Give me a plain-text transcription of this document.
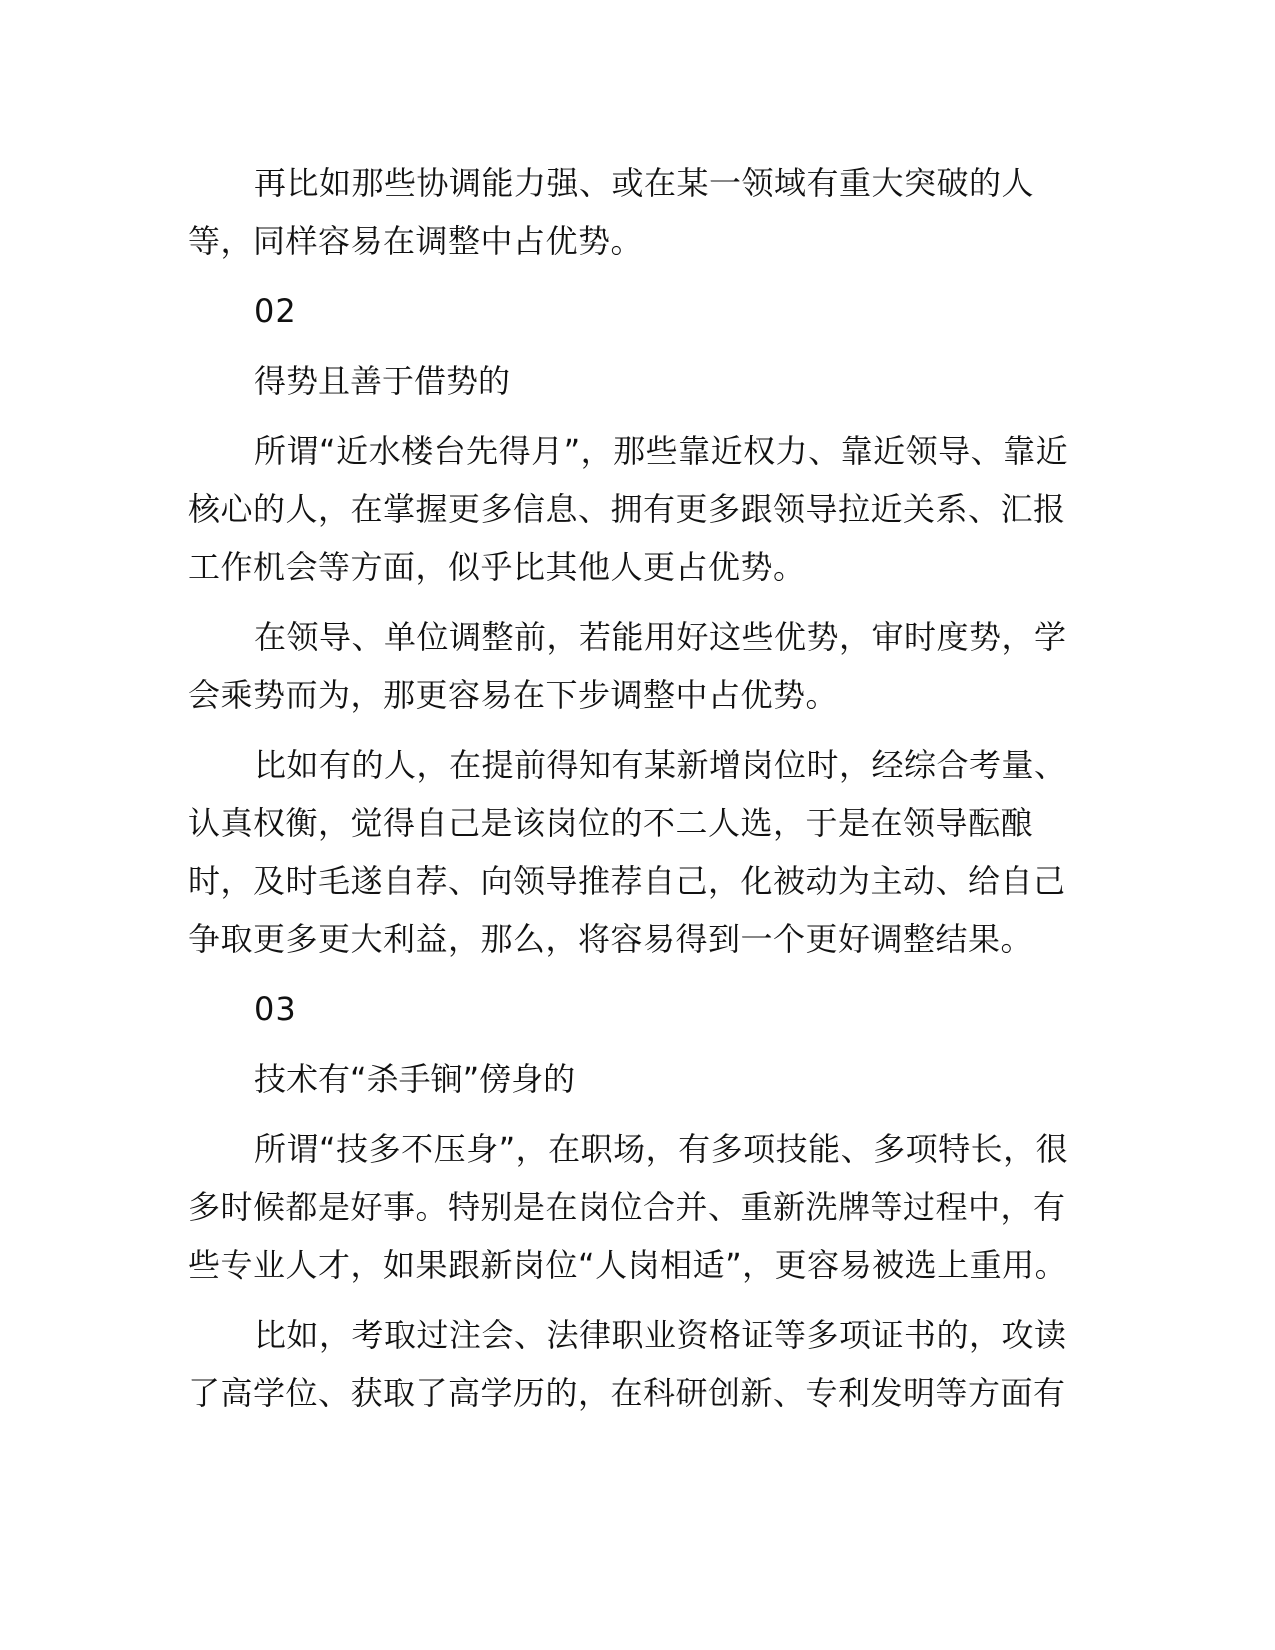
再比如那些协调能力强、或在某一领域有重大突破的人等，同样容易在调整中占优势。

02

得势且善于借势的

所谓“近水楼台先得月”，那些靠近权力、靠近领导、靠近核心的人，在掌握更多信息、拥有更多跟领导拉近关系、汇报工作机会等方面，似乎比其他人更占优势。

在领导、单位调整前，若能用好这些优势，审时度势，学会乘势而为，那更容易在下步调整中占优势。

比如有的人，在提前得知有某新增岗位时，经综合考量、认真权衡，觉得自己是该岗位的不二人选，于是在领导酝酿时，及时毛遂自荐、向领导推荐自己，化被动为主动、给自己争取更多更大利益，那么，将容易得到一个更好调整结果。

03

技术有“杀手锏”傍身的

所谓“技多不压身”，在职场，有多项技能、多项特长，很多时候都是好事。特别是在岗位合并、重新洗牌等过程中，有些专业人才，如果跟新岗位“人岗相适”，更容易被选上重用。

比如，考取过注会、法律职业资格证等多项证书的，攻读了高学位、获取了高学历的，在科研创新、专利发明等方面有
